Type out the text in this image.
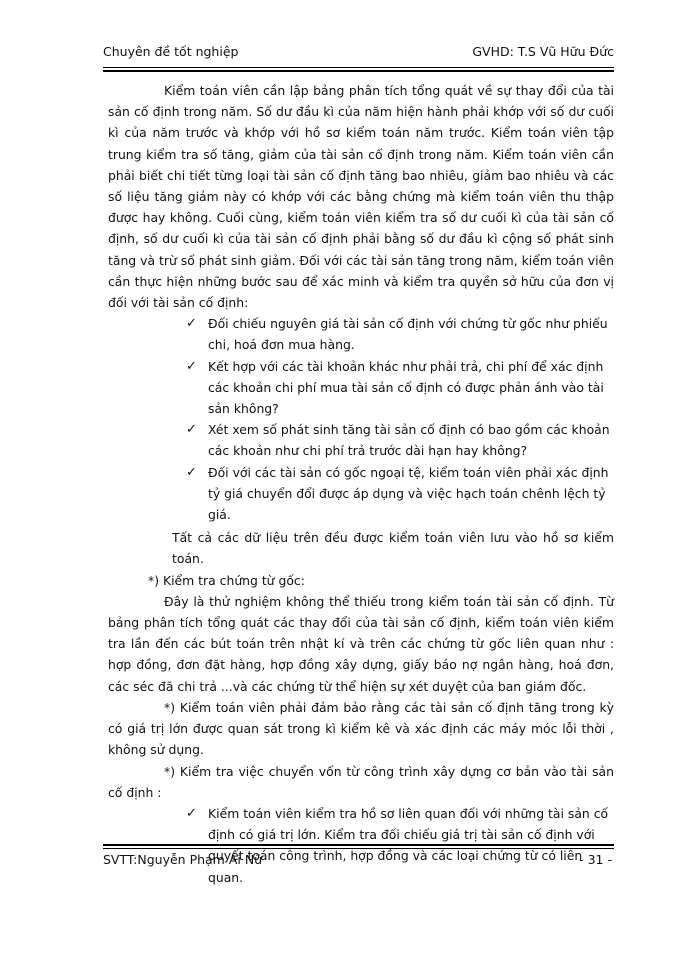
Chuyên đề tốt nghiệp	GVHD: T.S Vũ Hữu Đức

Kiểm toán viên cần lập bảng phân tích tổng quát về sự thay đổi của tài sản cố định trong năm. Số dư đầu kì của năm hiện hành phải khớp với số dư cuối kì của năm trước và khớp với hồ sơ kiểm toán năm trước. Kiểm toán viên tập trung kiểm tra số tăng, giảm của tài sản cố định trong năm. Kiểm toán viên cần phải biết chi tiết từng loại tài sản cố định tăng bao nhiêu, giảm bao nhiêu và các số liệu tăng giảm này có khớp với các bằng chứng mà kiểm toán viên thu thập được hay không. Cuối cùng, kiểm toán viên kiểm tra số dư cuối kì của tài sản cố định, số dư cuối kì của tài sản cố định phải bằng số dư đầu kì cộng số phát sinh tăng và trừ số phát sinh giảm. Đối với các tài sản tăng trong năm, kiểm toán viên cần thực hiện những bước sau để xác minh và kiểm tra quyền sở hữu của đơn vị đối với tài sản cố định:

✓ Đối chiếu nguyên giá tài sản cố định với chứng từ gốc như phiếu chi, hoá đơn mua hàng.
✓ Kết hợp với các tài khoản khác như phải trả, chi phí để xác định các khoản chi phí mua tài sản cố định có được phản ánh vào tài sản không?
✓ Xét xem số phát sinh tăng tài sản cố định có bao gồm các khoản các khoản như chi phí trả trước dài hạn hay không?
✓ Đối với các tài sản có gốc ngoại tệ, kiểm toán viên phải xác định tỷ giá chuyển đổi được áp dụng và việc hạch toán chênh lệch tỷ giá.

Tất cả các dữ liệu trên đều được kiểm toán viên lưu vào hồ sơ kiểm toán.

*) Kiểm tra chứng từ gốc:

Đây là thử nghiệm không thể thiếu trong kiểm toán tài sản cố định. Từ bảng phân tích tổng quát các thay đổi của tài sản cố định, kiểm toán viên kiểm tra lần đến các bút toán trên nhật kí và trên các chứng từ gốc liên quan như : hợp đồng, đơn đặt hàng, hợp đồng xây dựng, giấy báo nợ ngân hàng, hoá đơn, các séc đã chi trả ...và các chứng từ thể hiện sự xét duyệt của ban giám đốc.

*) Kiểm toán viên phải đảm bảo rằng các tài sản cố định tăng trong kỳ có giá trị lớn được quan sát trong kì kiểm kê và xác định các máy móc lỗi thời , không sử dụng.

*) Kiểm tra việc chuyển vốn từ công trình xây dựng cơ bản vào tài sản cố định :

✓ Kiểm toán viên kiểm tra hồ sơ liên quan đối với những tài sản cố định có giá trị lớn. Kiểm tra đối chiếu giá trị tài sản cố định với quyết toán công trình, hợp đồng và các loại chứng từ có liên quan.
SVTT:Nguyễn Phạm Ái Nữ	- 31 -
